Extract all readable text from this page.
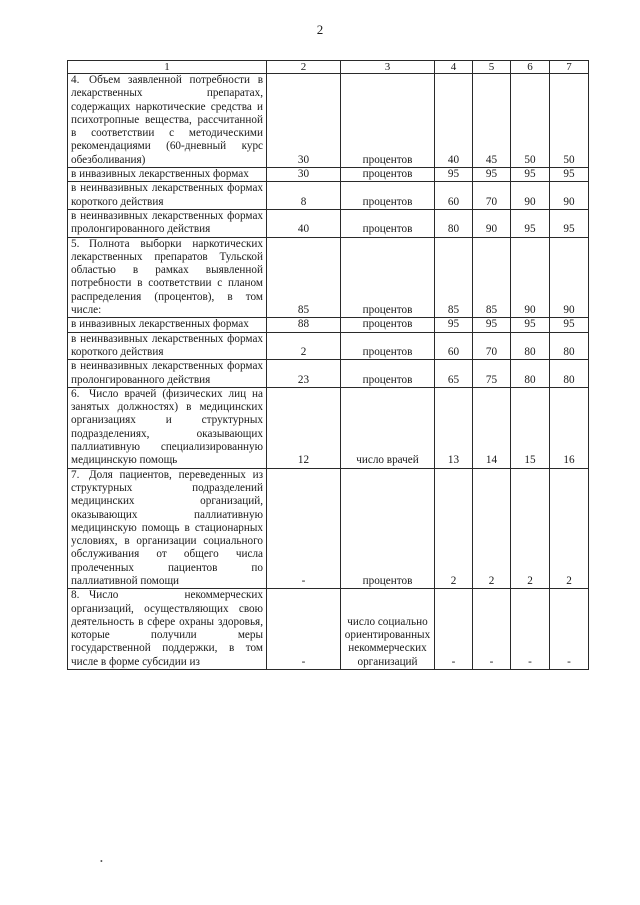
2
1	2	3	4	5	6	7
4. Объем заявленной потребности в лекарственных препаратах, содержащих наркотические средства и психотропные вещества, рассчитанной в соответствии с методическими рекомендациями (60-дневный курс обезболивания)	30	процентов	40	45	50	50
в инвазивных лекарственных формах	30	процентов	95	95	95	95
в неинвазивных лекарственных формах короткого действия	8	процентов	60	70	90	90
в неинвазивных лекарственных формах пролонгированного действия	40	процентов	80	90	95	95
5. Полнота выборки наркотических лекарственных препаратов Тульской областью в рамках выявленной потребности в соответствии с планом распределения (процентов), в том числе:	85	процентов	85	85	90	90
в инвазивных лекарственных формах	88	процентов	95	95	95	95
в неинвазивных лекарственных формах короткого действия	2	процентов	60	70	80	80
в неинвазивных лекарственных формах пролонгированного действия	23	процентов	65	75	80	80
6. Число врачей (физических лиц на занятых должностях) в медицинских организациях и структурных подразделениях, оказывающих паллиативную специализированную медицинскую помощь	12	число врачей	13	14	15	16
7. Доля пациентов, переведенных из структурных подразделений медицинских организаций, оказывающих паллиативную медицинскую помощь в стационарных условиях, в организации социального обслуживания от общего числа пролеченных пациентов по паллиативной помощи	-	процентов	2	2	2	2
8. Число некоммерческих организаций, осуществляющих свою деятельность в сфере охраны здоровья, которые получили меры государственной поддержки, в том числе в форме субсидии из	-	число социально ориентированных некоммерческих организаций	-	-	-	-
•
